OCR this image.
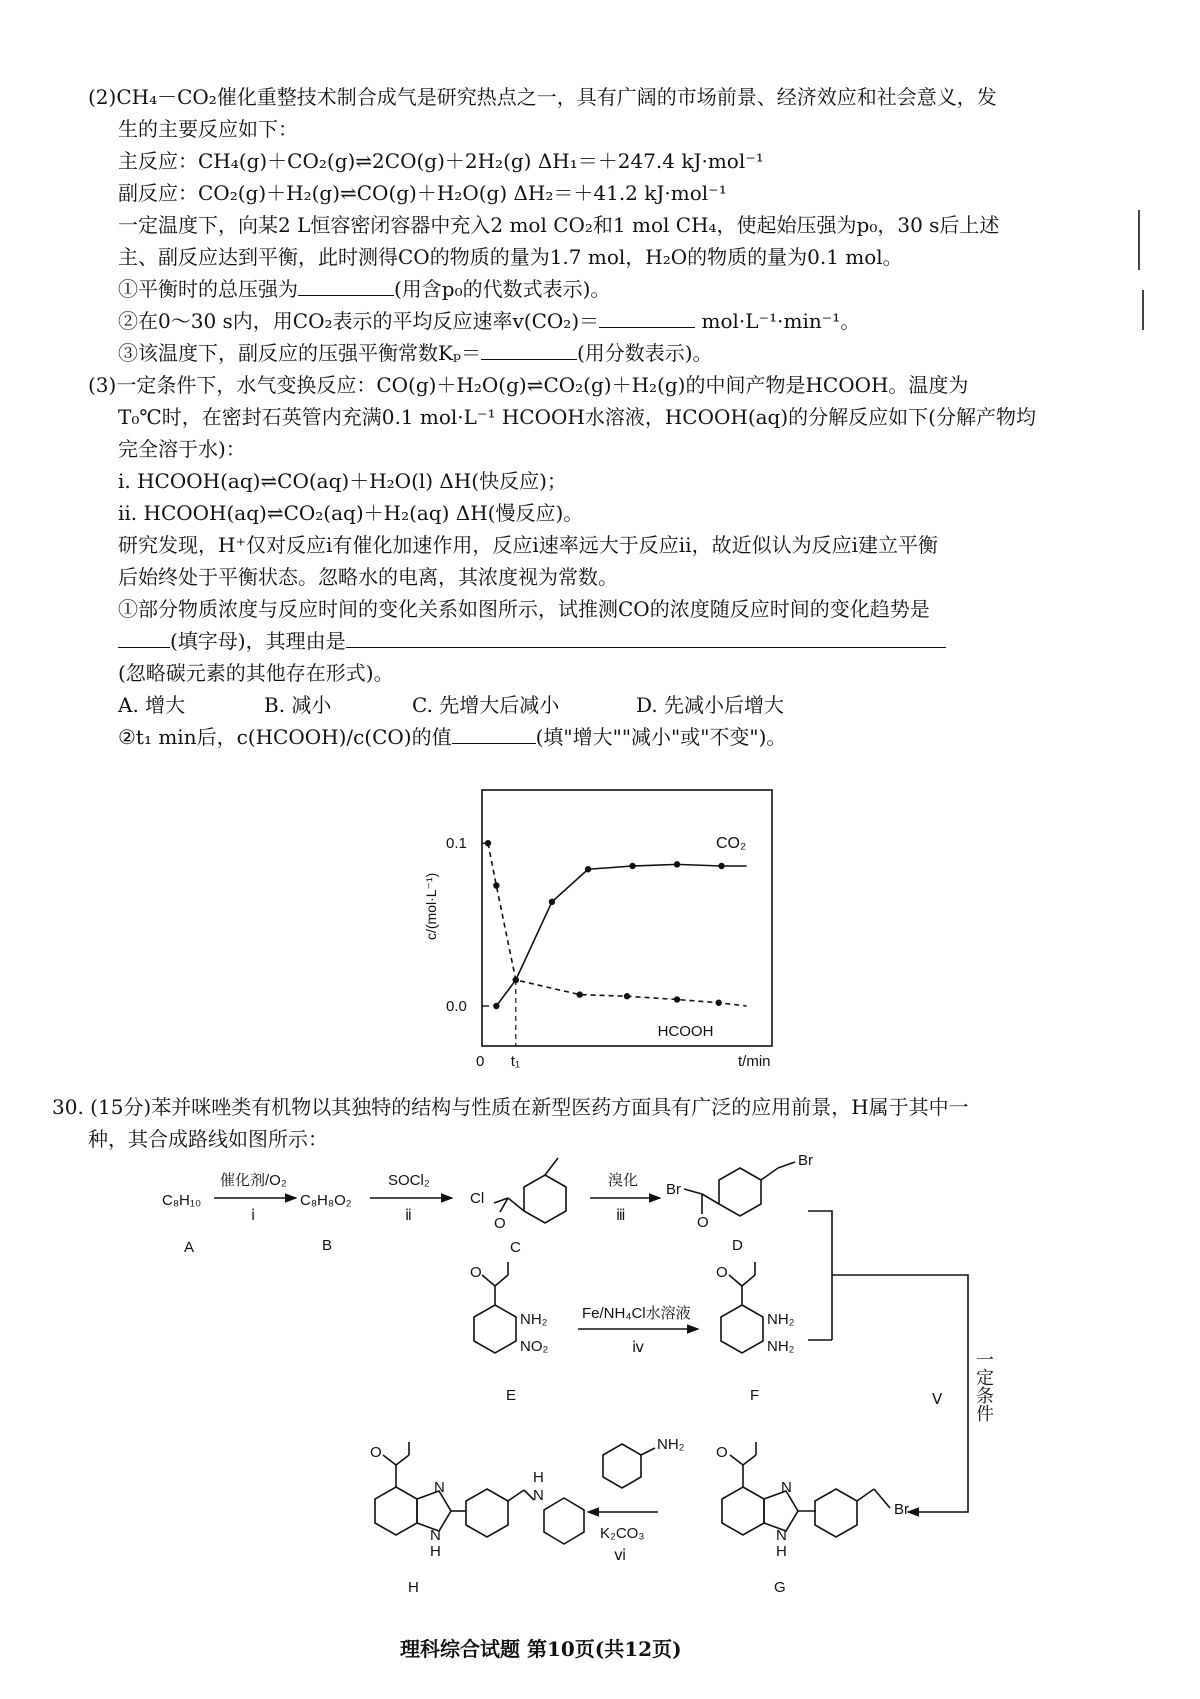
(2)CH₄－CO₂催化重整技术制合成气是研究热点之一，具有广阔的市场前景、经济效应和社会意义，发
生的主要反应如下：
主反应：CH₄(g)＋CO₂(g)⇌2CO(g)＋2H₂(g) ΔH₁＝＋247.4 kJ·mol⁻¹
副反应：CO₂(g)＋H₂(g)⇌CO(g)＋H₂O(g) ΔH₂＝＋41.2 kJ·mol⁻¹
一定温度下，向某2 L恒容密闭容器中充入2 mol CO₂和1 mol CH₄，使起始压强为p₀，30 s后上述
主、副反应达到平衡，此时测得CO的物质的量为1.7 mol，H₂O的物质的量为0.1 mol。
①平衡时的总压强为	(用含p₀的代数式表示)。
②在0～30 s内，用CO₂表示的平均反应速率v(CO₂)＝	mol·L⁻¹·min⁻¹。
③该温度下，副反应的压强平衡常数Kₚ＝	(用分数表示)。
(3)一定条件下，水气变换反应：CO(g)＋H₂O(g)⇌CO₂(g)＋H₂(g)的中间产物是HCOOH。温度为
T₀℃时，在密封石英管内充满0.1 mol·L⁻¹ HCOOH水溶液，HCOOH(aq)的分解反应如下(分解产物均
完全溶于水)：
ⅰ. HCOOH(aq)⇌CO(aq)＋H₂O(l) ΔH(快反应)；
ⅱ. HCOOH(aq)⇌CO₂(aq)＋H₂(aq) ΔH(慢反应)。
研究发现，H⁺仅对反应ⅰ有催化加速作用，反应ⅰ速率远大于反应ⅱ，故近似认为反应ⅰ建立平衡
后始终处于平衡状态。忽略水的电离，其浓度视为常数。
①部分物质浓度与反应时间的变化关系如图所示，试推测CO的浓度随反应时间的变化趋势是
(填字母)，其理由是
(忽略碳元素的其他存在形式)。
A. 增大	B. 减小	C. 先增大后减小	D. 先减小后增大
②t₁ min后，c(HCOOH)/c(CO)的值	(填"增大""减小"或"不变")。
0.1
0.0
CO₂
HCOOH
c/(mol·L⁻¹)
0 t₁	t/min
30. (15分)苯并咪唑类有机物以其独特的结构与性质在新型医药方面具有广泛的应用前景，H属于其中一
种，其合成路线如图所示：
C₈H₁₀
A
催化剂/O₂
ⅰ
C₈H₈O₂
B
SOCl₂
ⅱ
Cl
O
C
溴化
ⅲ
Br
O
Br
D
O
NH₂
NO₂
E
Fe/NH₄Cl水溶液
ⅳ
O
NH₂
NH₂
F	Ⅴ 一定条件
O
N
N
H
Br
G
NH₂
K₂CO₃
ⅵ
O
N
N
H
H
N
H
理科综合试题 第10页(共12页)
